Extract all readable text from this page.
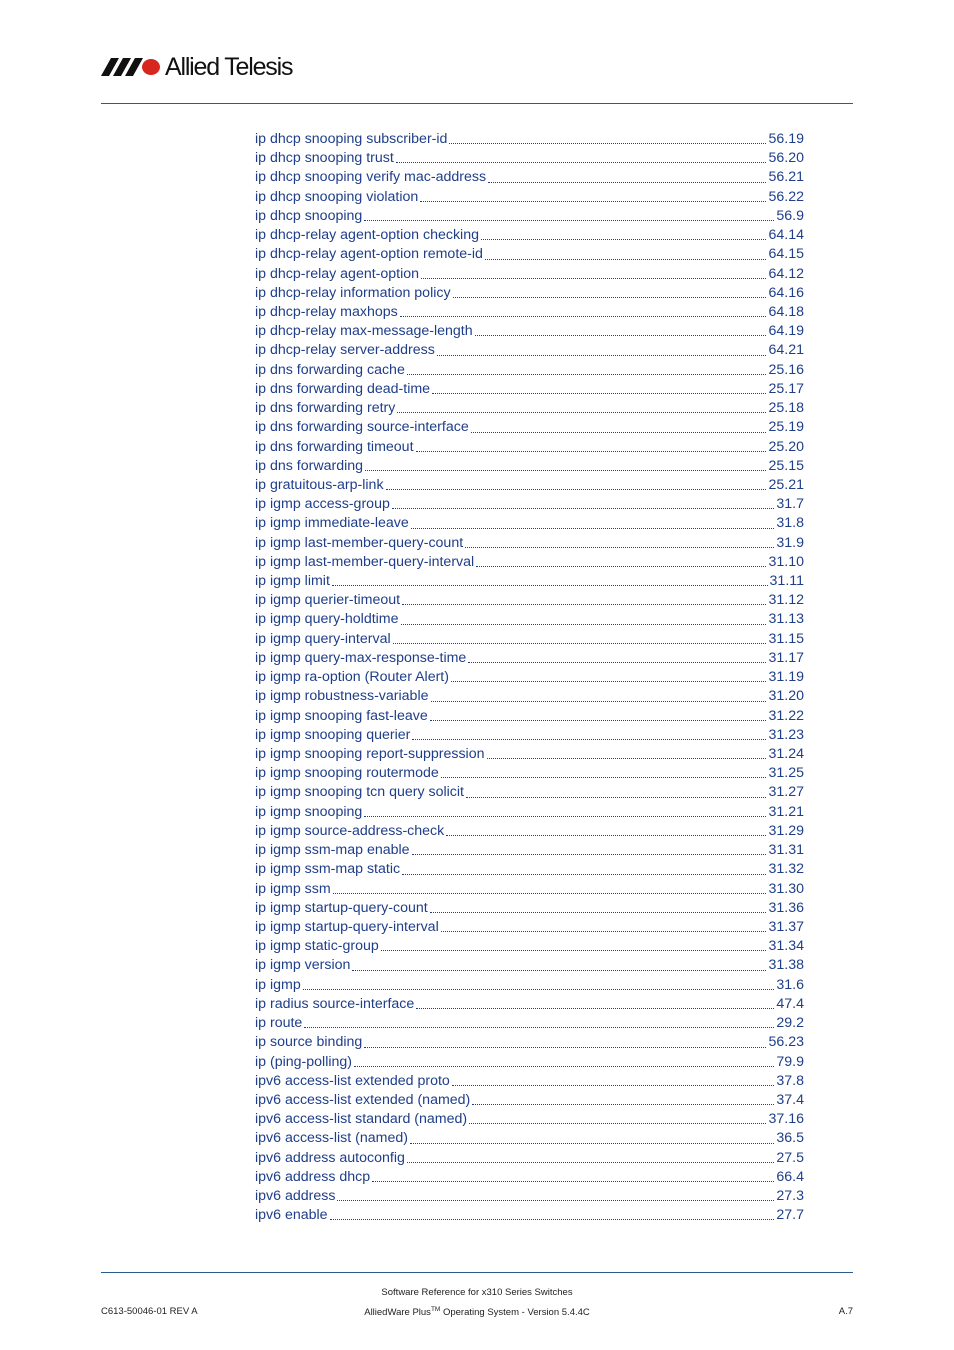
Allied Telesis
ip dhcp snooping subscriber-id	56.19
ip dhcp snooping trust	56.20
ip dhcp snooping verify mac-address	56.21
ip dhcp snooping violation	56.22
ip dhcp snooping	56.9
ip dhcp-relay agent-option checking	64.14
ip dhcp-relay agent-option remote-id	64.15
ip dhcp-relay agent-option	64.12
ip dhcp-relay information policy	64.16
ip dhcp-relay maxhops	64.18
ip dhcp-relay max-message-length	64.19
ip dhcp-relay server-address	64.21
ip dns forwarding cache	25.16
ip dns forwarding dead-time	25.17
ip dns forwarding retry	25.18
ip dns forwarding source-interface	25.19
ip dns forwarding timeout	25.20
ip dns forwarding	25.15
ip gratuitous-arp-link	25.21
ip igmp access-group	31.7
ip igmp immediate-leave	31.8
ip igmp last-member-query-count	31.9
ip igmp last-member-query-interval	31.10
ip igmp limit	31.11
ip igmp querier-timeout	31.12
ip igmp query-holdtime	31.13
ip igmp query-interval	31.15
ip igmp query-max-response-time	31.17
ip igmp ra-option (Router Alert)	31.19
ip igmp robustness-variable	31.20
ip igmp snooping fast-leave	31.22
ip igmp snooping querier	31.23
ip igmp snooping report-suppression	31.24
ip igmp snooping routermode	31.25
ip igmp snooping tcn query solicit	31.27
ip igmp snooping	31.21
ip igmp source-address-check	31.29
ip igmp ssm-map enable	31.31
ip igmp ssm-map static	31.32
ip igmp ssm	31.30
ip igmp startup-query-count	31.36
ip igmp startup-query-interval	31.37
ip igmp static-group	31.34
ip igmp version	31.38
ip igmp	31.6
ip radius source-interface	47.4
ip route	29.2
ip source binding	56.23
ip (ping-polling)	79.9
ipv6 access-list extended proto	37.8
ipv6 access-list extended (named)	37.4
ipv6 access-list standard (named)	37.16
ipv6 access-list (named)	36.5
ipv6 address autoconfig	27.5
ipv6 address dhcp	66.4
ipv6 address	27.3
ipv6 enable	27.7
Software Reference for x310 Series Switches
C613-50046-01 REV A	AlliedWare Plus™ Operating System - Version 5.4.4C	A.7
